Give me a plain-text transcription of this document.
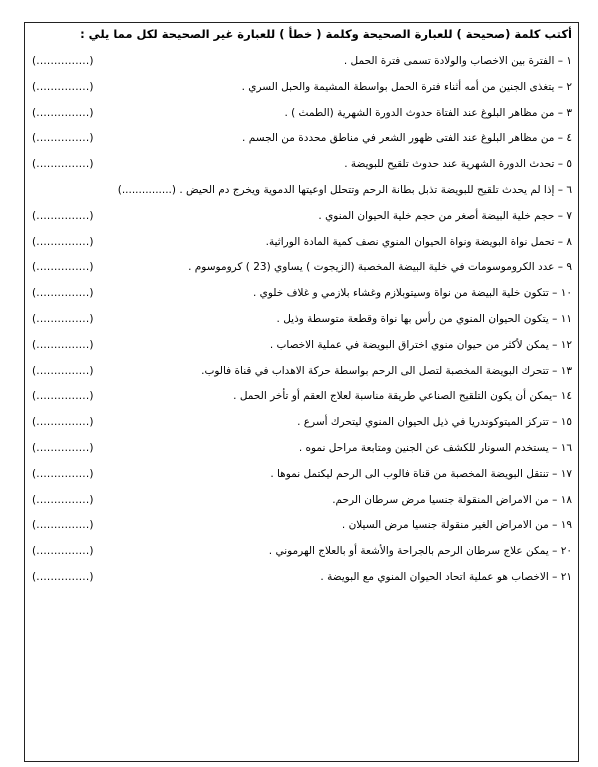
أكتب كلمة (صحيحة ) للعبارة الصحيحة وكلمة ( خطأ ) للعبارة غير الصحيحة لكل مما يلي :
١ – الفترة بين الاخصاب والولادة تسمى فترة الحمل .
(...............)
٢ – يتغذى الجنين من أمه أثناء فترة الحمل بواسطة المشيمة والحبل السري .
(...............)
٣ – من مظاهر البلوغ عند الفتاة حدوث الدورة الشهرية (الطمث ) .
(...............)
٤ – من مظاهر البلوغ عند الفتى ظهور الشعر في مناطق محددة من الجسم .
(...............)
٥ – تحدث الدورة الشهرية عند حدوث تلقيح للبويضة .
(...............)
٦ – إذا لم يحدث تلقيح للبويضة تذبل بطانة الرحم وتتحلل اوعيتها الدموية ويخرج دم الحيض . (...............)
٧ – حجم خلية البيضة أصغر من حجم خلية الحيوان المنوي .
(...............)
٨ – تحمل نواة البويضة ونواة الحيوان المنوي نصف كمية المادة الوراثية.
(...............)
٩ – عدد الكروموسومات في خلية البيضة المخصبة (الزيجوت ) يساوي (23 ) كروموسوم .
(...............)
١٠ – تتكون خلية البيضة من نواة وسيتوبلازم وغشاء بلازمي و غلاف خلوي .
(...............)
١١ – يتكون الحيوان المنوي من رأس بها نواة وقطعة متوسطة وذيل .
(...............)
١٢ – يمكن لأكثر من حيوان منوي اختراق البويضة في عملية الاخصاب .
(...............)
١٣ – تتحرك البويضة المخصبة لتصل الى الرحم بواسطة حركة الاهداب في قناة فالوب.
(...............)
١٤ –يمكن أن يكون التلقيح الصناعي طريقة مناسبة لعلاج العقم أو تأخر الحمل .
(...............)
١٥ – تتركز الميتوكوندريا في ذيل الحيوان المنوي ليتحرك أسرع .
(...............)
١٦ – يستخدم السونار للكشف عن الجنين ومتابعة مراحل نموه .
(...............)
١٧ – تنتقل البويضة المخصبة من قناة فالوب الى الرحم ليكتمل نموها .
(...............)
١٨ – من الامراض المنقولة جنسيا مرض سرطان الرحم.
(...............)
١٩ – من الامراض الغير منقولة جنسيا مرض السيلان .
(...............)
٢٠ – يمكن علاج سرطان الرحم بالجراحة والأشعة أو بالعلاج الهرموني .
(...............)
٢١ – الاخصاب هو عملية اتحاد الحيوان المنوي مع البويضة .
(...............)
